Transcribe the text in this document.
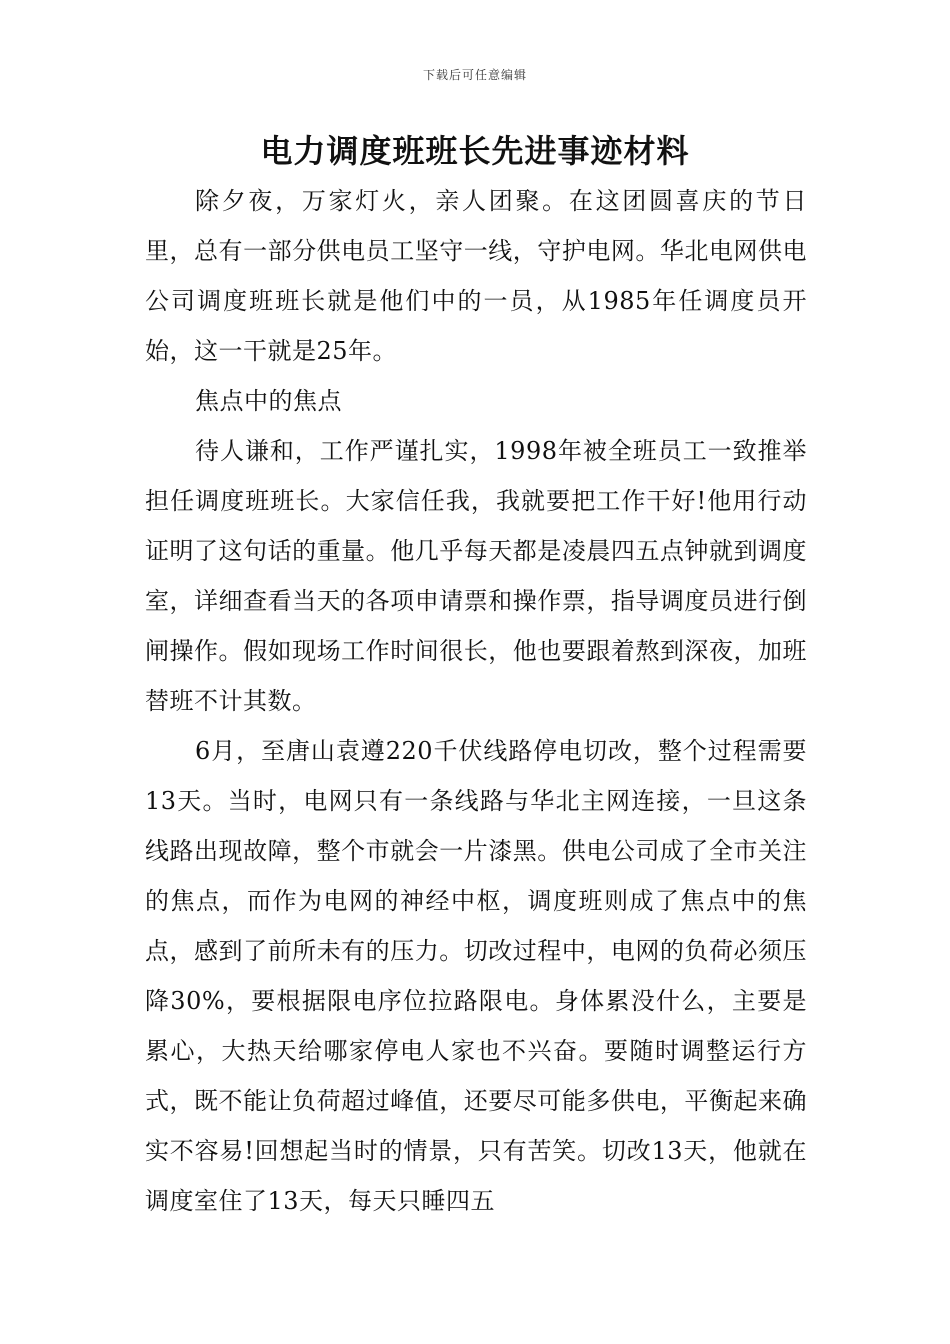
下载后可任意编辑
电力调度班班长先进事迹材料

除夕夜，万家灯火，亲人团聚。在这团圆喜庆的节日里，总有一部分供电员工坚守一线，守护电网。华北电网供电公司调度班班长就是他们中的一员，从1985年任调度员开始，这一干就是25年。

焦点中的焦点

待人谦和，工作严谨扎实，1998年被全班员工一致推举担任调度班班长。大家信任我，我就要把工作干好!他用行动证明了这句话的重量。他几乎每天都是凌晨四五点钟就到调度室，详细查看当天的各项申请票和操作票，指导调度员进行倒闸操作。假如现场工作时间很长，他也要跟着熬到深夜，加班替班不计其数。

6月，至唐山袁遵220千伏线路停电切改，整个过程需要13天。当时，电网只有一条线路与华北主网连接，一旦这条线路出现故障，整个市就会一片漆黑。供电公司成了全市关注的焦点，而作为电网的神经中枢，调度班则成了焦点中的焦点，感到了前所未有的压力。切改过程中，电网的负荷必须压降30%，要根据限电序位拉路限电。身体累没什么，主要是累心，大热天给哪家停电人家也不兴奋。要随时调整运行方式，既不能让负荷超过峰值，还要尽可能多供电，平衡起来确实不容易!回想起当时的情景，只有苦笑。切改13天，他就在调度室住了13天，每天只睡四五
